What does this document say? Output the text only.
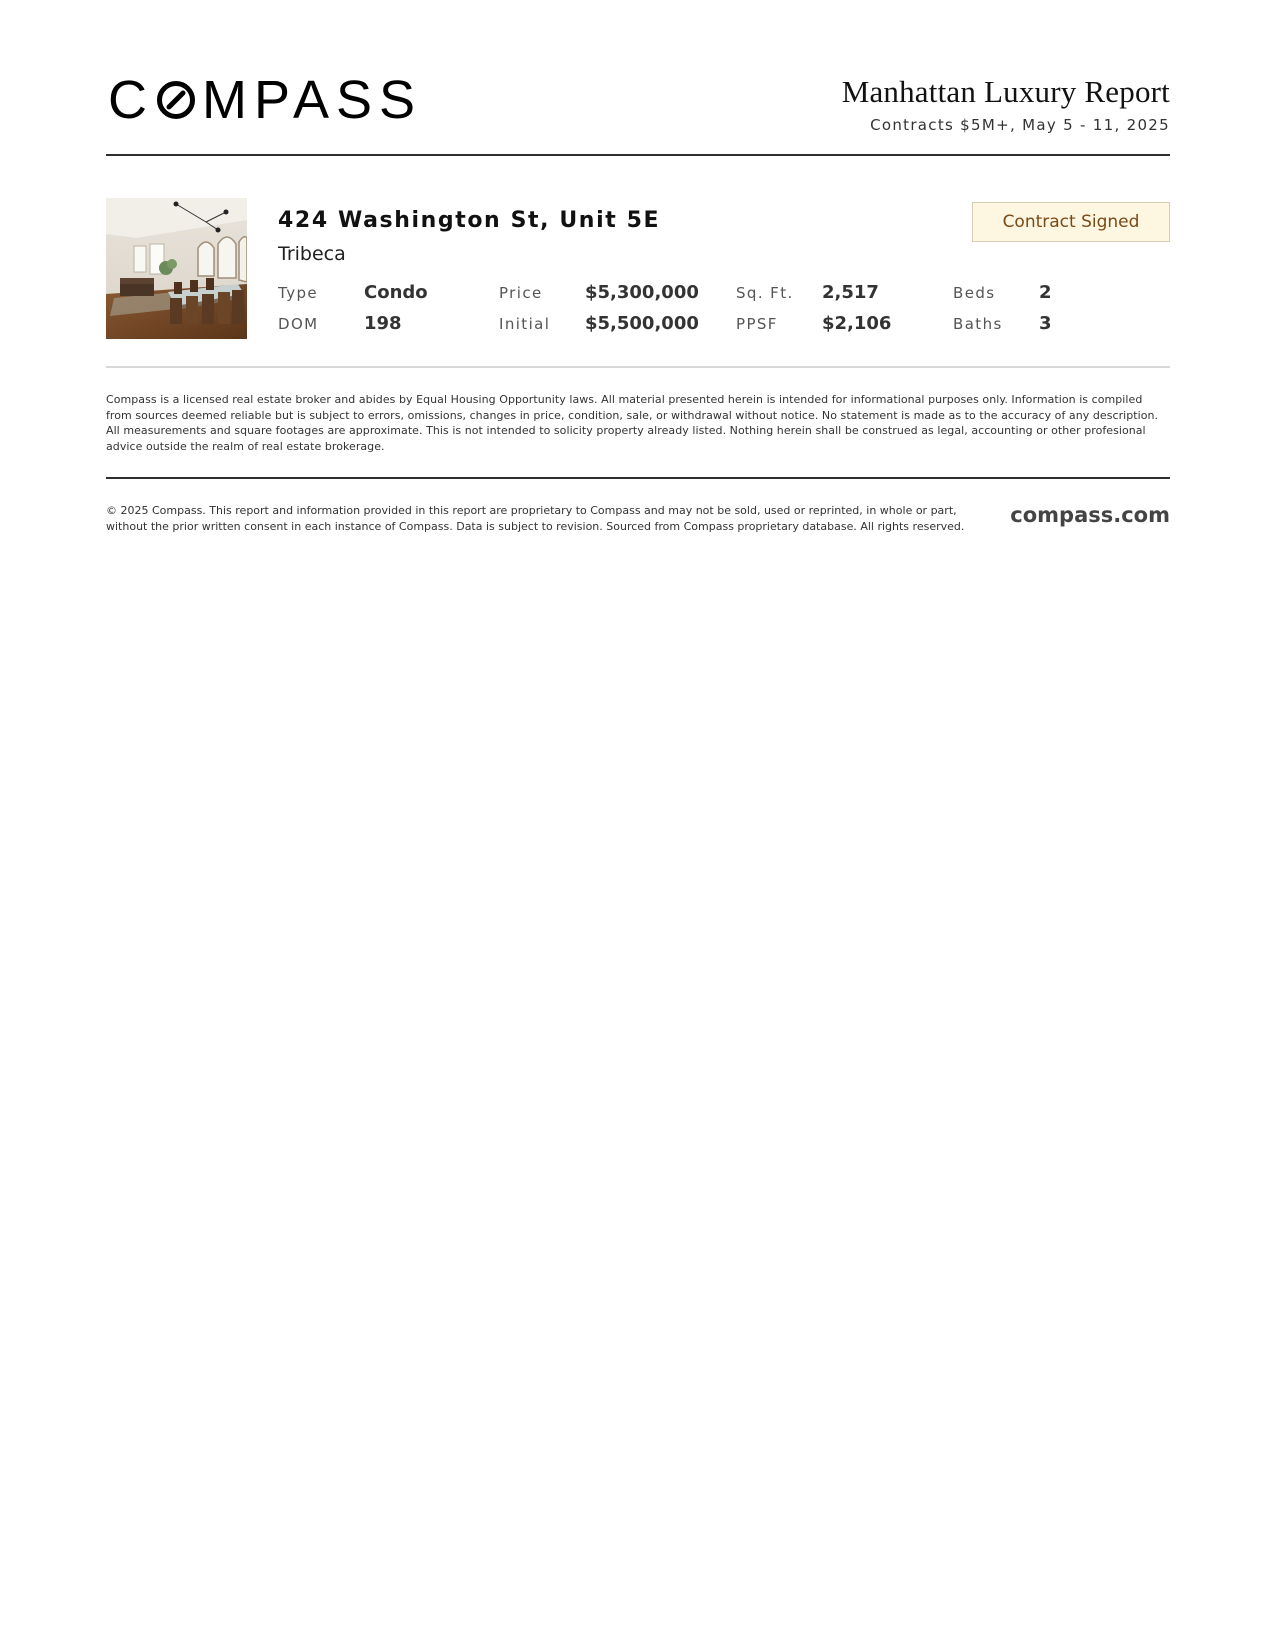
C MPASS	Manhattan Luxury Report
Contracts $5M+, May 5 - 11, 2025
424 Washington St, Unit 5E
Tribeca
Contract Signed
Type	Condo	Price $5,300,000 Sq. Ft. 2,517	Beds 2
DOM	198	Initial $5,500,000 PPSF $2,106	Baths 3
Compass is a licensed real estate broker and abides by Equal Housing Opportunity laws. All material presented herein is intended for informational purposes only. Information is compiled from sources deemed reliable but is subject to errors, omissions, changes in price, condition, sale, or withdrawal without notice. No statement is made as to the accuracy of any description. All measurements and square footages are approximate. This is not intended to solicity property already listed. Nothing herein shall be construed as legal, accounting or other profesional advice outside the realm of real estate brokerage.
© 2025 Compass. This report and information provided in this report are proprietary to Compass and may not be sold, used or reprinted, in whole or part, without the prior written consent in each instance of Compass. Data is subject to revision. Sourced from Compass proprietary database. All rights reserved.	compass.com
